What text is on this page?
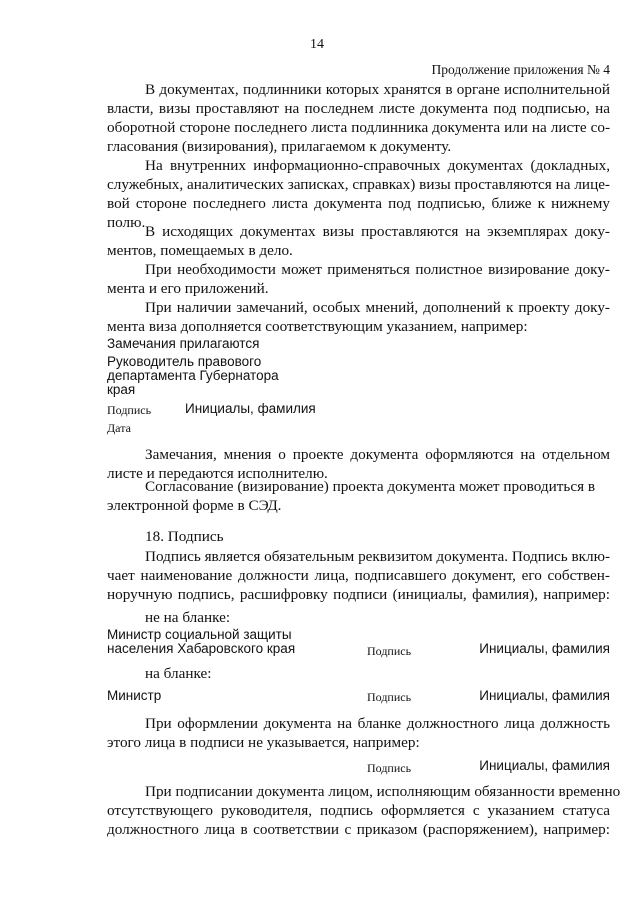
14
Продолжение приложения № 4
В документах, подлинники которых хранятся в органе исполнительной
власти, визы проставляют на последнем листе документа под подписью, на
оборотной стороне последнего листа подлинника документа или на листе со-
гласования (визирования), прилагаемом к документу.
На внутренних информационно-справочных документах (докладных,
служебных, аналитических записках, справках) визы проставляются на лице-
вой стороне последнего листа документа под подписью, ближе к нижнему
полю.
В исходящих документах визы проставляются на экземплярах доку-
ментов, помещаемых в дело.
При необходимости может применяться полистное визирование доку-
мента и его приложений.
При наличии замечаний, особых мнений, дополнений к проекту доку-
мента виза дополняется соответствующим указанием, например:
Замечания прилагаются
Руководитель правового
департамента Губернатора
края
Подпись	Инициалы, фамилия
Дата
Замечания, мнения о проекте документа оформляются на отдельном
листе и передаются исполнителю.
Согласование (визирование) проекта документа может проводиться в
электронной форме в СЭД.
18. Подпись
Подпись является обязательным реквизитом документа. Подпись вклю-
чает наименование должности лица, подписавшего документ, его собствен-
норучную подпись, расшифровку подписи (инициалы, фамилия), например:
не на бланке:
Министр социальной защиты
населения Хабаровского края	Подпись	Инициалы, фамилия
на бланке:
Министр	Подпись	Инициалы, фамилия
При оформлении документа на бланке должностного лица должность
этого лица в подписи не указывается, например:
Подпись	Инициалы, фамилия
При подписании документа лицом, исполняющим обязанности временно
отсутствующего руководителя, подпись оформляется с указанием статуса
должностного лица в соответствии с приказом (распоряжением), например:
